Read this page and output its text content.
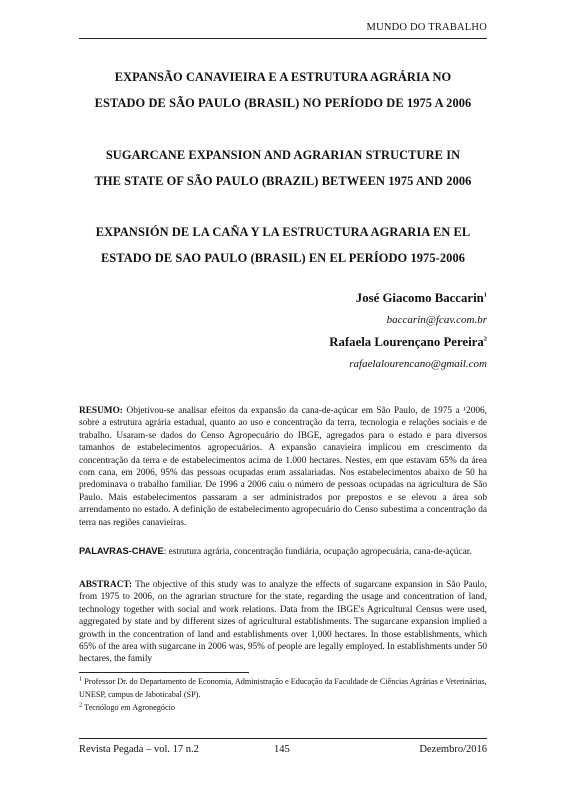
MUNDO DO TRABALHO
EXPANSÃO CANAVIEIRA E A ESTRUTURA AGRÁRIA NO
ESTADO DE SÃO PAULO (BRASIL) NO PERÍODO DE 1975 A 2006
SUGARCANE EXPANSION AND AGRARIAN STRUCTURE IN
THE STATE OF SÃO PAULO (BRAZIL) BETWEEN 1975 AND 2006
EXPANSIÓN DE LA CAÑA Y LA ESTRUCTURA AGRARIA EN EL
ESTADO DE SAO PAULO (BRASIL) EN EL PERÍODO 1975-2006
José Giacomo Baccarin$^1$
baccarin@fcav.com.br
Rafaela Lourençano Pereira$^2$
rafaelalourencano@gmail.com
RESUMO: Objetivou-se analisar efeitos da expansão da cana-de-açúcar em São Paulo, de 1975 a ¹2006, sobre a estrutura agrária estadual, quanto ao uso e concentração da terra, tecnologia e relações sociais e de trabalho. Usaram-se dados do Censo Agropecuário do IBGE, agregados para o estado e para diversos tamanhos de estabelecimentos agropecuários. A expansão canavieira implicou em crescimento da concentração da terra e de estabelecimentos acima de 1.000 hectares. Nestes, em que estavam 65% da área com cana, em 2006, 95% das pessoas ocupadas eram assalariadas. Nos estabelecimentos abaixo de 50 ha predominava o trabalho familiar. De 1996 a 2006 caiu o número de pessoas ocupadas na agricultura de São Paulo. Mais estabelecimentos passaram a ser administrados por prepostos e se elevou a área sob arrendamento no estado. A definição de estabelecimento agropecuário do Censo subestima a concentração da terra nas regiões canavieiras.
PALAVRAS-CHAVE: estrutura agrária, concentração fundiária, ocupação agropecuária, cana-de-açúcar.
ABSTRACT: The objective of this study was to analyze the effects of sugarcane expansion in São Paulo, from 1975 to 2006, on the agrarian structure for the state, regarding the usage and concentration of land, technology together with social and work relations. Data from the IBGE's Agricultural Census were used, aggregated by state and by different sizes of agricultural establishments. The sugarcane expansion implied a growth in the concentration of land and establishments over 1,000 hectares. In those establishments, which 65% of the area with sugarcane in 2006 was, 95% of people are legally employed. In establishments under 50 hectares, the family
$^1$ Professor Dr. do Departamento de Economia, Administração e Educação da Faculdade de Ciências Agrárias e Veterinárias, UNESP, campus de Jaboticabal (SP).
$^2$ Tecnólogo em Agronegócio
Revista Pegada – vol. 17 n.2	145	Dezembro/2016
